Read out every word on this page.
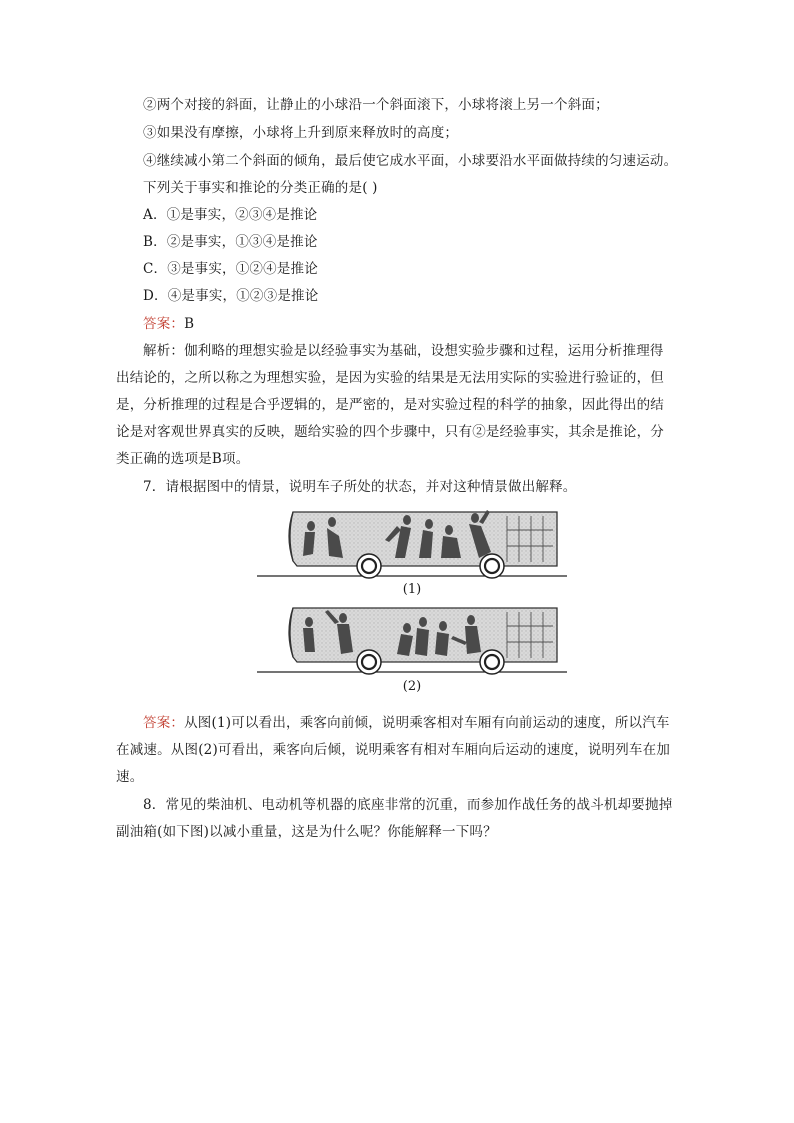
②两个对接的斜面，让静止的小球沿一个斜面滚下，小球将滚上另一个斜面；

③如果没有摩擦，小球将上升到原来释放时的高度；

④继续减小第二个斜面的倾角，最后使它成水平面，小球要沿水平面做持续的匀速运动。

下列关于事实和推论的分类正确的是( )

A．①是事实，②③④是推论

B．②是事实，①③④是推论

C．③是事实，①②④是推论

D．④是事实，①②③是推论

答案：B

解析：伽利略的理想实验是以经验事实为基础，设想实验步骤和过程，运用分析推理得

出结论的，之所以称之为理想实验，是因为实验的结果是无法用实际的实验进行验证的，但

是，分析推理的过程是合乎逻辑的，是严密的，是对实验过程的科学的抽象，因此得出的结

论是对客观世界真实的反映，题给实验的四个步骤中，只有②是经验事实，其余是推论，分

类正确的选项是B项。

7．请根据图中的情景，说明车子所处的状态，并对这种情景做出解释。

(1)
(2)

答案：从图(1)可以看出，乘客向前倾，说明乘客相对车厢有向前运动的速度，所以汽车

在减速。从图(2)可看出，乘客向后倾，说明乘客有相对车厢向后运动的速度，说明列车在加

速。

8．常见的柴油机、电动机等机器的底座非常的沉重，而参加作战任务的战斗机却要抛掉

副油箱(如下图)以减小重量，这是为什么呢？你能解释一下吗？
